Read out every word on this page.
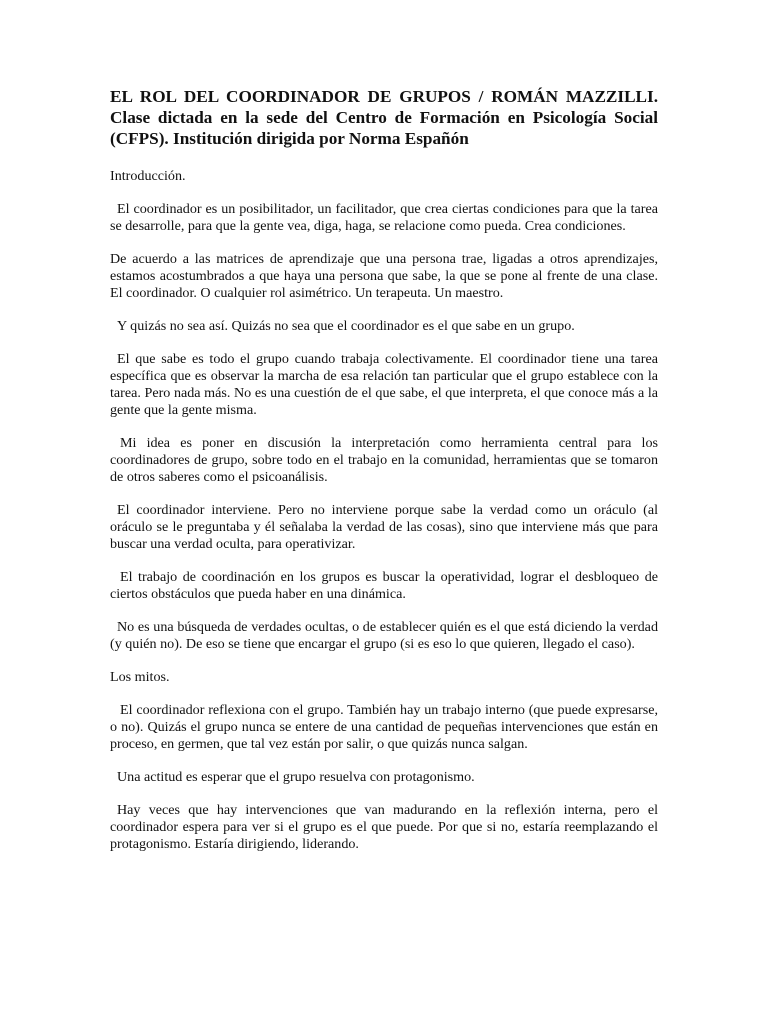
EL ROL DEL COORDINADOR DE GRUPOS / ROMÁN MAZZILLI. Clase dictada en la sede del Centro de Formación en Psicología Social (CFPS). Institución dirigida por Norma Españón

Introducción.

El coordinador es un posibilitador, un facilitador, que crea ciertas condiciones para que la tarea se desarrolle, para que la gente vea, diga, haga, se relacione como pueda. Crea condiciones.

De acuerdo a las matrices de aprendizaje que una persona trae, ligadas a otros aprendizajes, estamos acostumbrados a que haya una persona que sabe, la que se pone al frente de una clase. El coordinador. O cualquier rol asimétrico. Un terapeuta. Un maestro.

Y quizás no sea así. Quizás no sea que el coordinador es el que sabe en un grupo.

El que sabe es todo el grupo cuando trabaja colectivamente. El coordinador tiene una tarea específica que es observar la marcha de esa relación tan particular que el grupo establece con la tarea. Pero nada más. No es una cuestión de el que sabe, el que interpreta, el que conoce más a la gente que la gente misma.

Mi idea es poner en discusión la interpretación como herramienta central para los coordinadores de grupo, sobre todo en el trabajo en la comunidad, herramientas que se tomaron de otros saberes como el psicoanálisis.

El coordinador interviene. Pero no interviene porque sabe la verdad como un oráculo (al oráculo se le preguntaba y él señalaba la verdad de las cosas), sino que interviene más que para buscar una verdad oculta, para operativizar.

El trabajo de coordinación en los grupos es buscar la operatividad, lograr el desbloqueo de ciertos obstáculos que pueda haber en una dinámica.

No es una búsqueda de verdades ocultas, o de establecer quién es el que está diciendo la verdad (y quién no). De eso se tiene que encargar el grupo (si es eso lo que quieren, llegado el caso).

Los mitos.

El coordinador reflexiona con el grupo. También hay un trabajo interno (que puede expresarse, o no). Quizás el grupo nunca se entere de una cantidad de pequeñas intervenciones que están en proceso, en germen, que tal vez están por salir, o que quizás nunca salgan.

Una actitud es esperar que el grupo resuelva con protagonismo.

Hay veces que hay intervenciones que van madurando en la reflexión interna, pero el coordinador espera para ver si el grupo es el que puede. Por que si no, estaría reemplazando el protagonismo. Estaría dirigiendo, liderando.
